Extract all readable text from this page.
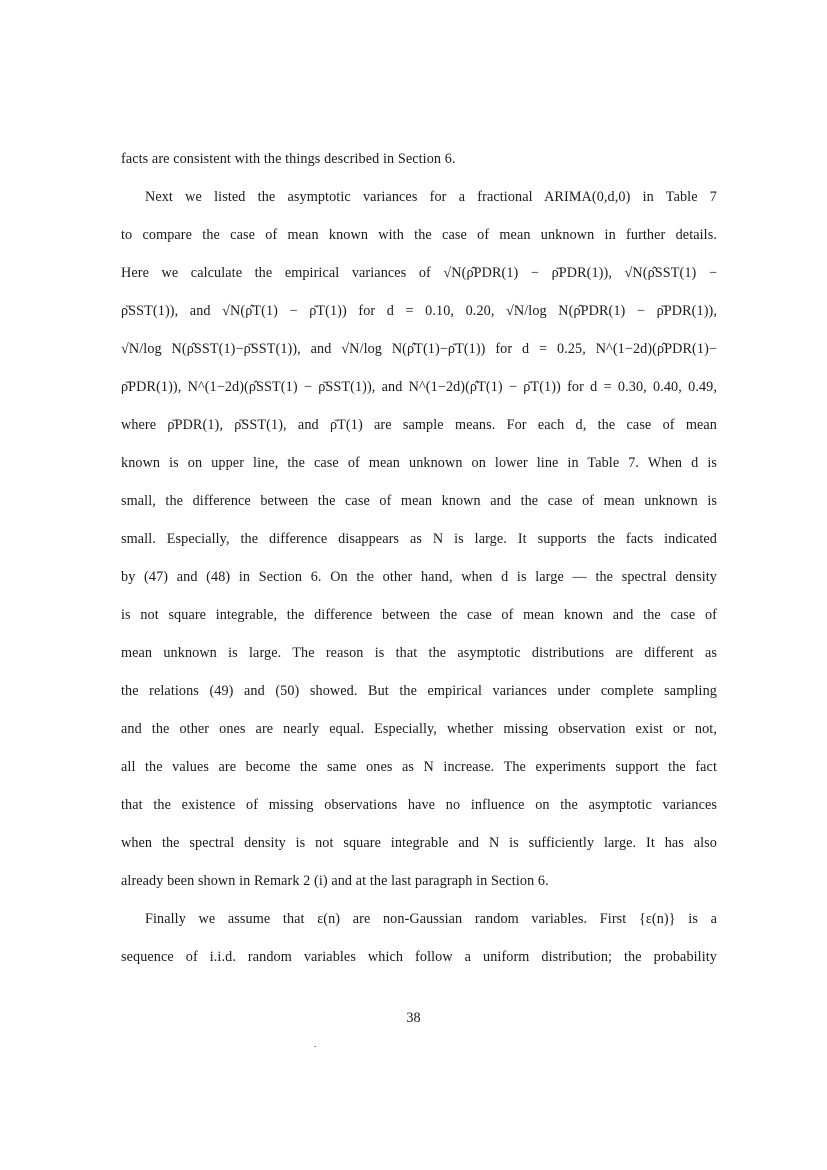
facts are consistent with the things described in Section 6.
Next we listed the asymptotic variances for a fractional ARIMA(0,d,0) in Table 7
to compare the case of mean known with the case of mean unknown in further details.
Here we calculate the empirical variances of √N(ρ̂PDR(1) − ρ̄PDR(1)), √N(ρ̂SST(1) −
ρ̄SST(1)), and √N(ρ̂T(1) − ρ̄T(1)) for d = 0.10, 0.20, √N/log N(ρ̂PDR(1) − ρ̄PDR(1)),
√N/log N(ρ̂SST(1)−ρ̄SST(1)), and √N/log N(ρ̂T(1)−ρ̄T(1)) for d = 0.25, N^(1−2d)(ρ̂PDR(1)−
ρ̄PDR(1)), N^(1−2d)(ρ̂SST(1) − ρ̄SST(1)), and N^(1−2d)(ρ̂T(1) − ρ̄T(1)) for d = 0.30, 0.40, 0.49,
where ρ̄PDR(1), ρ̄SST(1), and ρ̄T(1) are sample means. For each d, the case of mean
known is on upper line, the case of mean unknown on lower line in Table 7. When d is
small, the difference between the case of mean known and the case of mean unknown is
small. Especially, the difference disappears as N is large. It supports the facts indicated
by (47) and (48) in Section 6. On the other hand, when d is large — the spectral density
is not square integrable, the difference between the case of mean known and the case of
mean unknown is large. The reason is that the asymptotic distributions are different as
the relations (49) and (50) showed. But the empirical variances under complete sampling
and the other ones are nearly equal. Especially, whether missing observation exist or not,
all the values are become the same ones as N increase. The experiments support the fact
that the existence of missing observations have no influence on the asymptotic variances
when the spectral density is not square integrable and N is sufficiently large. It has also
already been shown in Remark 2 (i) and at the last paragraph in Section 6.
Finally we assume that ε(n) are non-Gaussian random variables. First {ε(n)} is a
sequence of i.i.d. random variables which follow a uniform distribution; the probability
38
